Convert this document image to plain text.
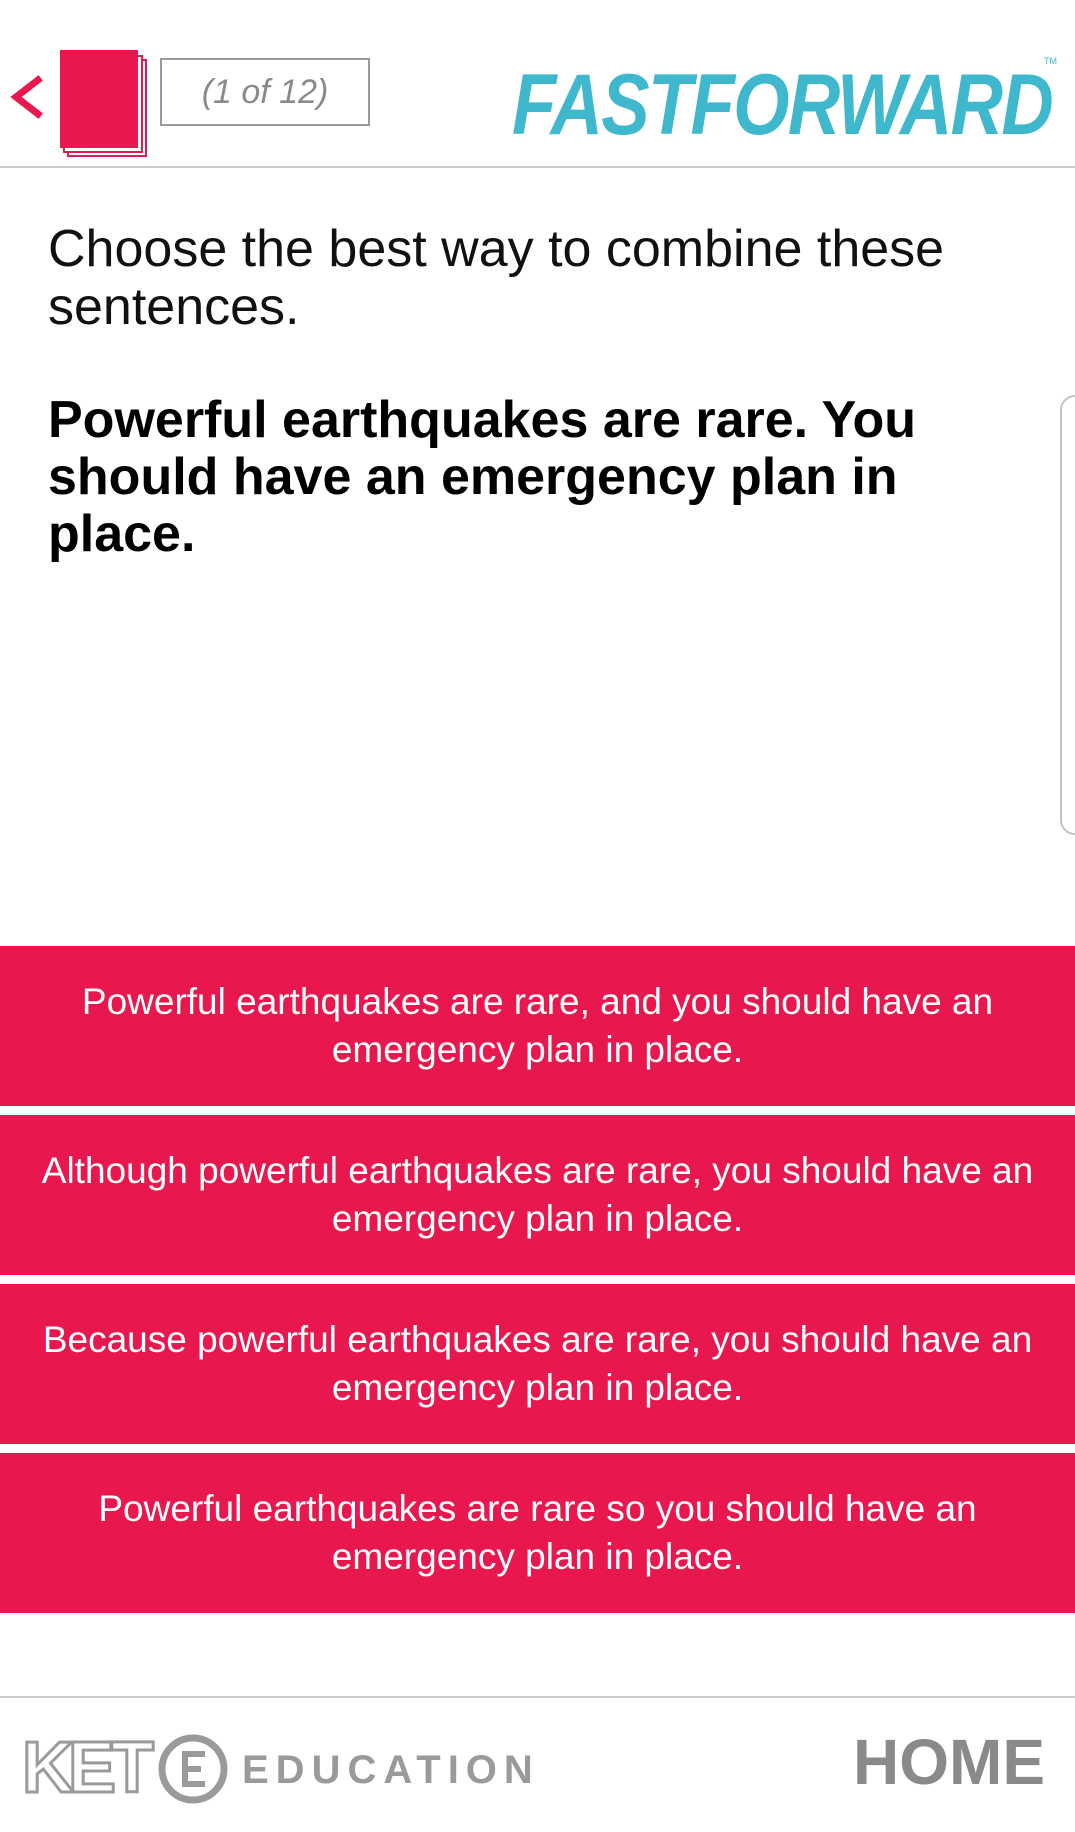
(1 of 12)	FASTFORWARD
TM
Choose the best way to combine these sentences.

Powerful earthquakes are rare. You should have an emergency plan in place.

Powerful earthquakes are rare, and you should have an emergency plan in place.
Although powerful earthquakes are rare, you should have an emergency plan in place.
Because powerful earthquakes are rare, you should have an emergency plan in place.
Powerful earthquakes are rare so you should have an emergency plan in place.
KET EDUCATION	HOME
